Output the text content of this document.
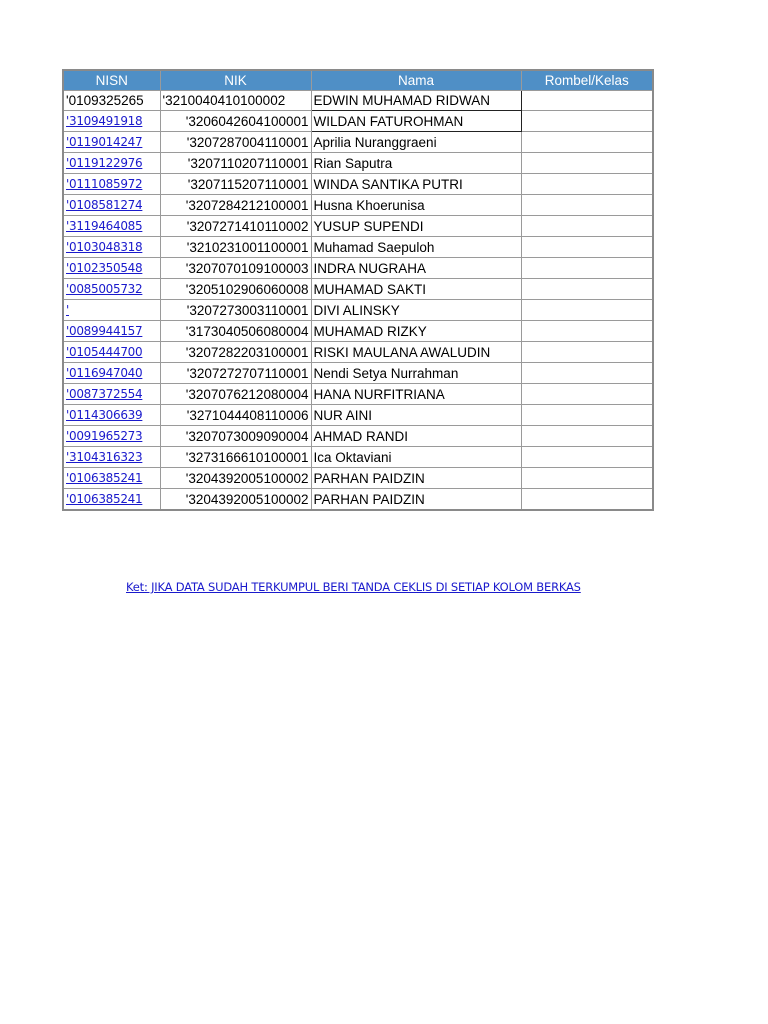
NISN	NIK	Nama	Rombel/Kelas
'0109325265	'3210040410100002	EDWIN MUHAMAD RIDWAN	
'3109491918	'3206042604100001	WILDAN FATUROHMAN	
'0119014247	'3207287004110001	Aprilia Nuranggraeni	
'0119122976	'3207110207110001	Rian Saputra	
'0111085972	'3207115207110001	WINDA SANTIKA PUTRI	
'0108581274	'3207284212100001	Husna Khoerunisa	
'3119464085	'3207271410110002	YUSUP SUPENDI	
'0103048318	'3210231001100001	Muhamad Saepuloh	
'0102350548	'3207070109100003	INDRA NUGRAHA	
'0085005732	'3205102906060008	MUHAMAD SAKTI	
'	'3207273003110001	DIVI ALINSKY	
'0089944157	'3173040506080004	MUHAMAD RIZKY	
'0105444700	'3207282203100001	RISKI MAULANA AWALUDIN	
'0116947040	'3207272707110001	Nendi Setya Nurrahman	
'0087372554	'3207076212080004	HANA NURFITRIANA	
'0114306639	'3271044408110006	NUR AINI	
'0091965273	'3207073009090004	AHMAD RANDI	
'3104316323	'3273166610100001	Ica Oktaviani	
'0106385241	'3204392005100002	PARHAN PAIDZIN	
'0106385241	'3204392005100002	PARHAN PAIDZIN	
Ket: JIKA DATA SUDAH TERKUMPUL BERI TANDA CEKLIS DI SETIAP KOLOM BERKAS
